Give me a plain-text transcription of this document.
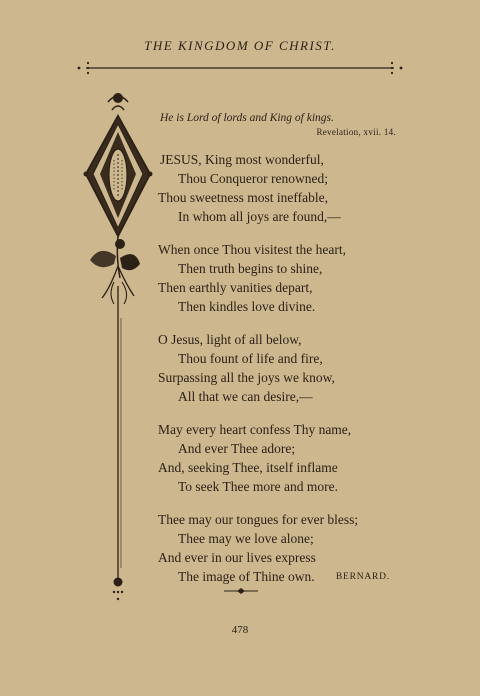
THE KINGDOM OF CHRIST.
He is Lord of lords and King of kings.
Revelation, xvii. 14.
JESUS, King most wonderful,
Thou Conqueror renowned;
Thou sweetness most ineffable,
In whom all joys are found,—
When once Thou visitest the heart,
Then truth begins to shine,
Then earthly vanities depart,
Then kindles love divine.
O Jesus, light of all below,
Thou fount of life and fire,
Surpassing all the joys we know,
All that we can desire,—
May every heart confess Thy name,
And ever Thee adore;
And, seeking Thee, itself inflame
To seek Thee more and more.
Thee may our tongues for ever bless;
Thee may we love alone;
And ever in our lives express
The image of Thine own.	BERNARD.
478
